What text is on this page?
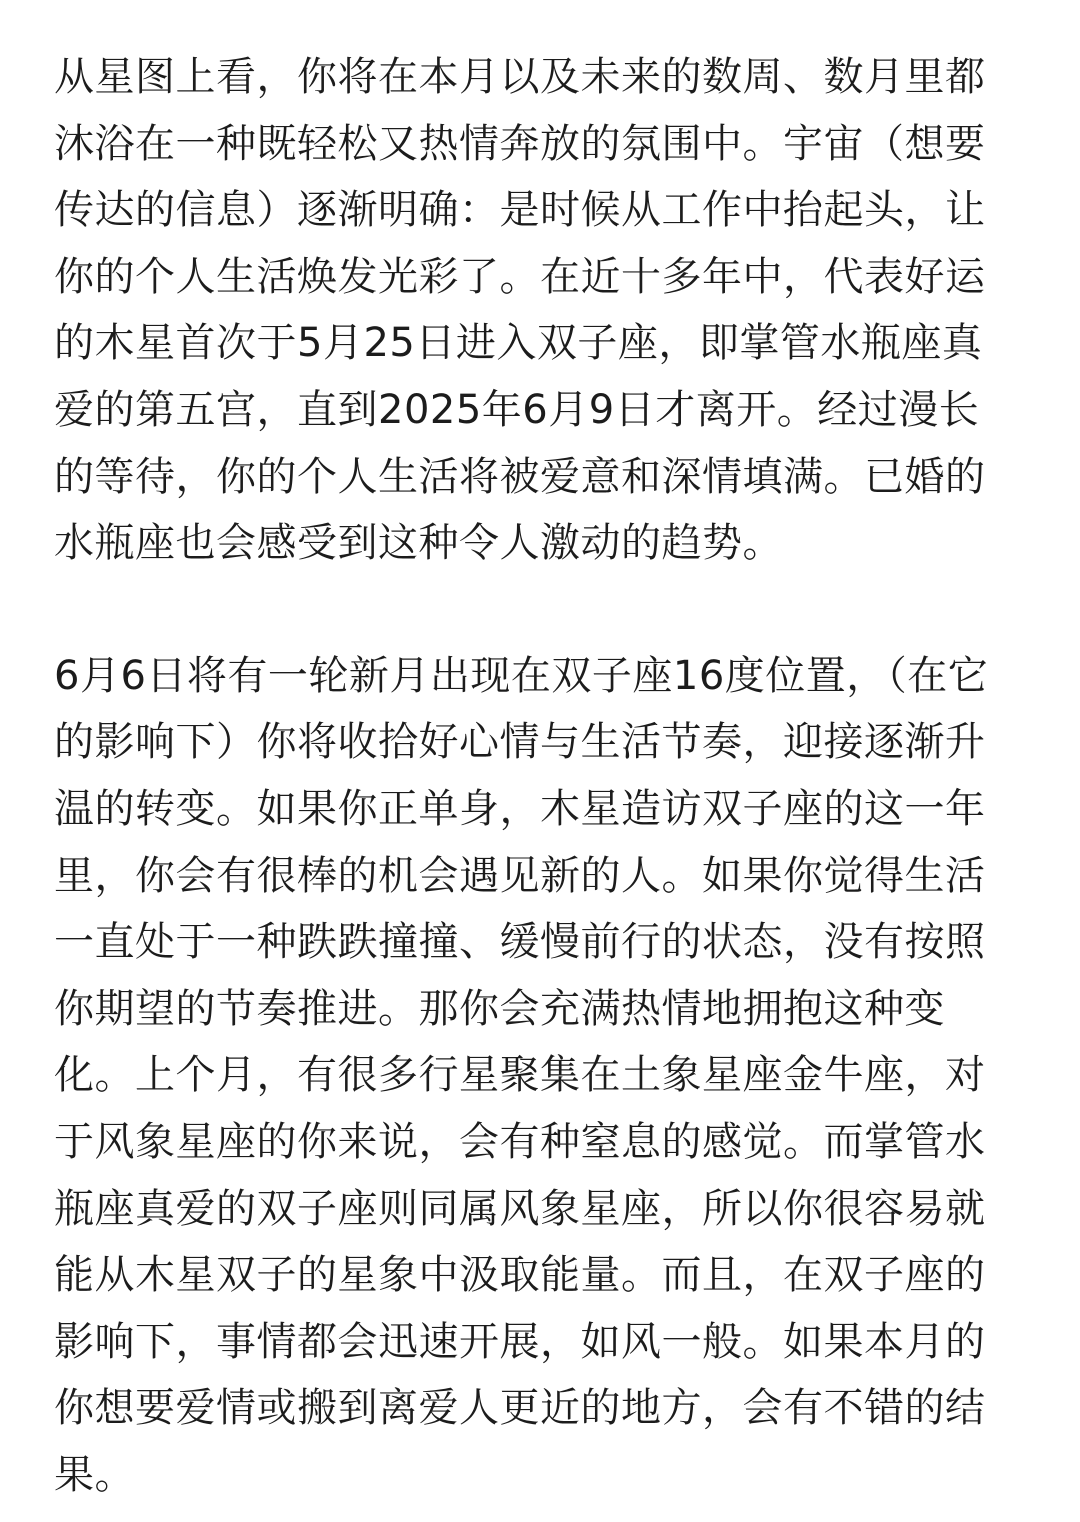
从星图上看，你将在本月以及未来的数周、数月里都
沐浴在一种既轻松又热情奔放的氛围中。宇宙（想要
传达的信息）逐渐明确：是时候从工作中抬起头，让
你的个人生活焕发光彩了。在近十多年中，代表好运
的木星首次于5月25日进入双子座，即掌管水瓶座真
爱的第五宫，直到2025年6月9日才离开。经过漫长
的等待，你的个人生活将被爱意和深情填满。已婚的
水瓶座也会感受到这种令人激动的趋势。
6月6日将有一轮新月出现在双子座16度位置，（在它
的影响下）你将收拾好心情与生活节奏，迎接逐渐升
温的转变。如果你正单身，木星造访双子座的这一年
里，你会有很棒的机会遇见新的人。如果你觉得生活
一直处于一种跌跌撞撞、缓慢前行的状态，没有按照
你期望的节奏推进。那你会充满热情地拥抱这种变
化。上个月，有很多行星聚集在土象星座金牛座，对
于风象星座的你来说，会有种窒息的感觉。而掌管水
瓶座真爱的双子座则同属风象星座，所以你很容易就
能从木星双子的星象中汲取能量。而且，在双子座的
影响下，事情都会迅速开展，如风一般。如果本月的
你想要爱情或搬到离爱人更近的地方，会有不错的结
果。
